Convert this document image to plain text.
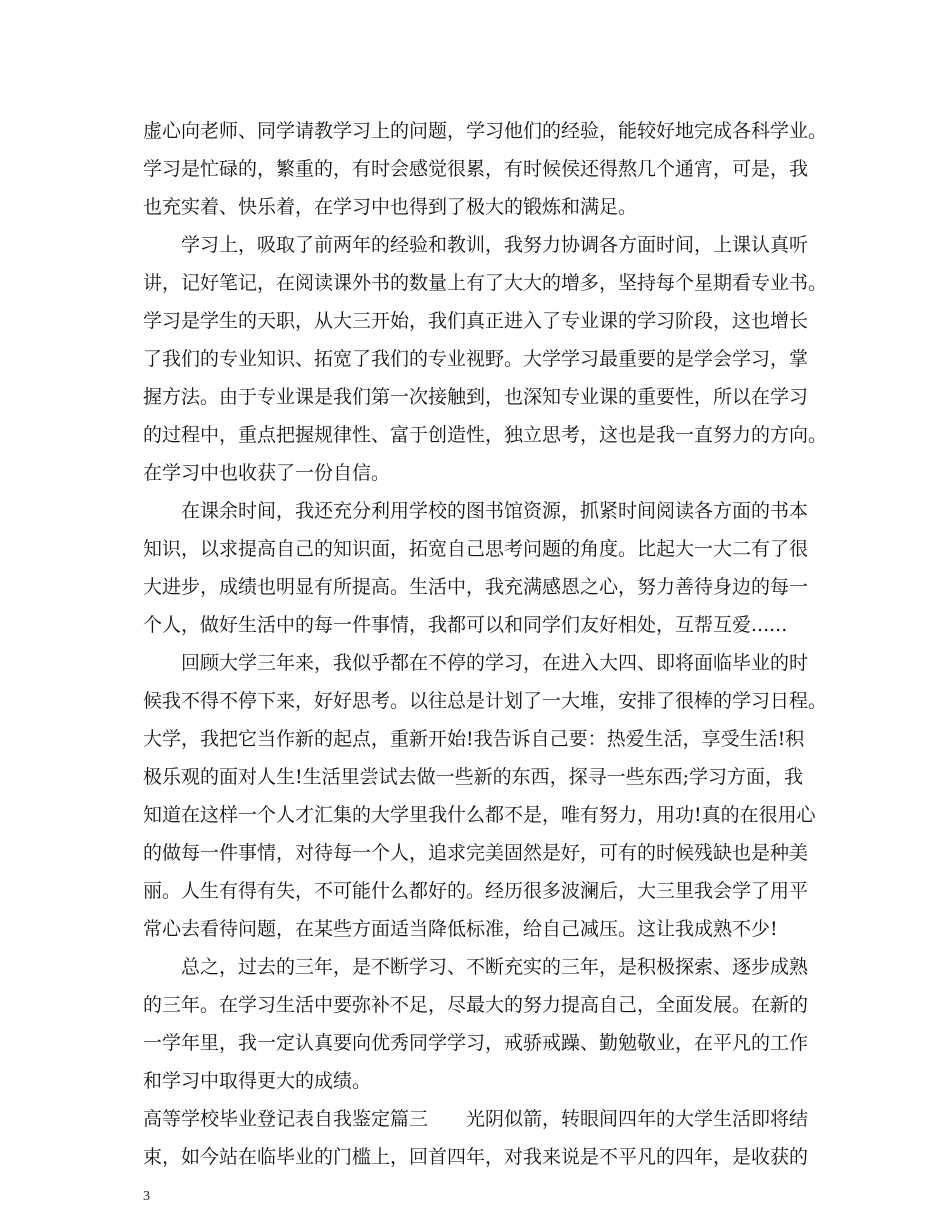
虚心向老师、同学请教学习上的问题，学习他们的经验，能较好地完成各科学业。
学习是忙碌的，繁重的，有时会感觉很累，有时候侯还得熬几个通宵，可是，我
也充实着、快乐着，在学习中也得到了极大的锻炼和满足。
学习上，吸取了前两年的经验和教训，我努力协调各方面时间，上课认真听
讲，记好笔记，在阅读课外书的数量上有了大大的增多，坚持每个星期看专业书。
学习是学生的天职，从大三开始，我们真正进入了专业课的学习阶段，这也增长
了我们的专业知识、拓宽了我们的专业视野。大学学习最重要的是学会学习，掌
握方法。由于专业课是我们第一次接触到，也深知专业课的重要性，所以在学习
的过程中，重点把握规律性、富于创造性，独立思考，这也是我一直努力的方向。
在学习中也收获了一份自信。
在课余时间，我还充分利用学校的图书馆资源，抓紧时间阅读各方面的书本
知识，以求提高自己的知识面，拓宽自己思考问题的角度。比起大一大二有了很
大进步，成绩也明显有所提高。生活中，我充满感恩之心，努力善待身边的每一
个人，做好生活中的每一件事情，我都可以和同学们友好相处，互帮互爱......
回顾大学三年来，我似乎都在不停的学习，在进入大四、即将面临毕业的时
候我不得不停下来，好好思考。以往总是计划了一大堆，安排了很棒的学习日程。
大学，我把它当作新的起点，重新开始!我告诉自己要：热爱生活，享受生活!积
极乐观的面对人生!生活里尝试去做一些新的东西，探寻一些东西;学习方面，我
知道在这样一个人才汇集的大学里我什么都不是，唯有努力，用功!真的在很用心
的做每一件事情，对待每一个人，追求完美固然是好，可有的时候残缺也是种美
丽。人生有得有失，不可能什么都好的。经历很多波澜后，大三里我会学了用平
常心去看待问题，在某些方面适当降低标准，给自己减压。这让我成熟不少!
总之，过去的三年，是不断学习、不断充实的三年，是积极探索、逐步成熟
的三年。在学习生活中要弥补不足，尽最大的努力提高自己，全面发展。在新的
一学年里，我一定认真要向优秀同学学习，戒骄戒躁、勤勉敬业，在平凡的工作
和学习中取得更大的成绩。
高等学校毕业登记表自我鉴定篇三　　光阴似箭，转眼间四年的大学生活即将结
束，如今站在临毕业的门槛上，回首四年，对我来说是不平凡的四年，是收获的
3
